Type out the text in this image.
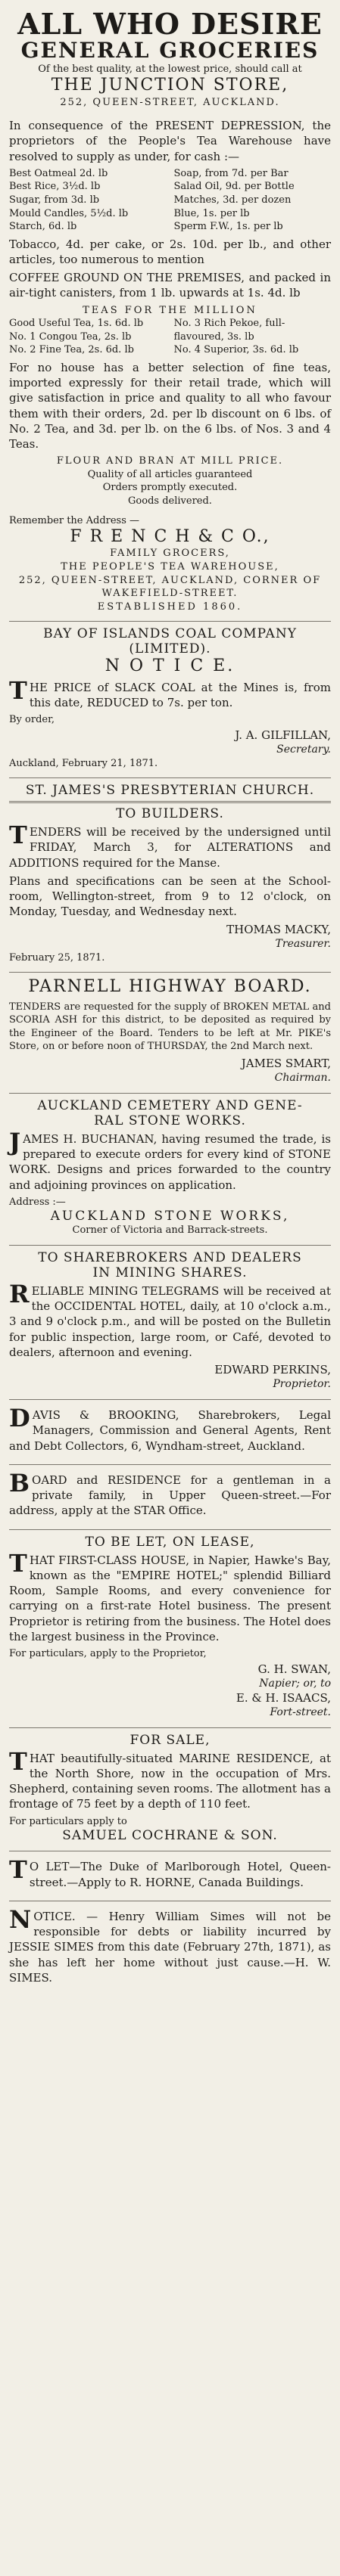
ALL WHO DESIRE
GENERAL GROCERIES
Of the best quality, at the lowest price, should call at
THE JUNCTION STORE,
252, QUEEN-STREET, AUCKLAND.
In consequence of the PRESENT DEPRESSION, the proprietors of the People's Tea Warehouse have resolved to supply as under, for cash :—
Best Oatmeal 2d. lb
Best Rice, 3½d. lb
Sugar, from 3d. lb
Mould Candles, 5½d. lb
Starch, 6d. lb
Soap, from 7d. per Bar
Salad Oil, 9d. per Bottle
Matches, 3d. per dozen
Blue, 1s. per lb
Sperm F.W., 1s. per lb
Tobacco, 4d. per cake, or 2s. 10d. per lb., and other articles, too numerous to mention
COFFEE GROUND ON THE PREMISES, and packed in air-tight canisters, from 1 lb. upwards at 1s. 4d. lb
TEAS FOR THE MILLION
Good Useful Tea, 1s. 6d. lb
No. 1 Congou Tea, 2s. lb
No. 2 Fine Tea, 2s. 6d. lb
No. 3 Rich Pekoe, full-flavoured, 3s. lb
No. 4 Superior, 3s. 6d. lb
For no house has a better selection of fine teas, imported expressly for their retail trade, which will give satisfaction in price and quality to all who favour them with their orders, 2d. per lb discount on 6 lbs. of No. 2 Tea, and 3d. per lb. on the 6 lbs. of Nos. 3 and 4 Teas.
FLOUR AND BRAN AT MILL PRICE.
Quality of all articles guaranteed
Orders promptly executed.
Goods delivered.
Remember the Address —
F R E N C H & C O.,
FAMILY GROCERS,
THE PEOPLE'S TEA WAREHOUSE,
252, QUEEN-STREET, AUCKLAND, CORNER OF
WAKEFIELD-STREET.
ESTABLISHED 1860.
BAY OF ISLANDS COAL COMPANY
(LIMITED).
N O T I C E.
THE PRICE of SLACK COAL at the Mines is, from this date, REDUCED to 7s. per ton.
By order,
J. A. GILFILLAN,
Secretary.
Auckland, February 21, 1871.
ST. JAMES'S PRESBYTERIAN CHURCH.
TO BUILDERS.
TENDERS will be received by the undersigned until FRIDAY, March 3, for ALTERATIONS and ADDITIONS required for the Manse.
Plans and specifications can be seen at the School-room, Wellington-street, from 9 to 12 o'clock, on Monday, Tuesday, and Wednesday next.
THOMAS MACKY,
Treasurer.
February 25, 1871.
PARNELL HIGHWAY BOARD.
TENDERS are requested for the supply of BROKEN METAL and SCORIA ASH for this district, to be deposited as required by the Engineer of the Board. Tenders to be left at Mr. PIKE's Store, on or before noon of THURSDAY, the 2nd March next.
JAMES SMART,
Chairman.
AUCKLAND CEMETERY AND GENE-
RAL STONE WORKS.
JAMES H. BUCHANAN, having resumed the trade, is prepared to execute orders for every kind of STONE WORK. Designs and prices forwarded to the country and adjoining provinces on application.
Address :—
AUCKLAND STONE WORKS,
Corner of Victoria and Barrack-streets.
TO SHAREBROKERS AND DEALERS
IN MINING SHARES.
RELIABLE MINING TELEGRAMS will be received at the OCCIDENTAL HOTEL, daily, at 10 o'clock a.m., 3 and 9 o'clock p.m., and will be posted on the Bulletin for public inspection, large room, or Café, devoted to dealers, afternoon and evening.
EDWARD PERKINS,
Proprietor.
DAVIS & BROOKING, Sharebrokers, Legal Managers, Commission and General Agents, Rent and Debt Collectors, 6, Wyndham-street, Auckland.
BOARD and RESIDENCE for a gentleman in a private family, in Upper Queen-street.—For address, apply at the STAR Office.
TO BE LET, ON LEASE,
THAT FIRST-CLASS HOUSE, in Napier, Hawke's Bay, known as the "EMPIRE HOTEL;" splendid Billiard Room, Sample Rooms, and every convenience for carrying on a first-rate Hotel business. The present Proprietor is retiring from the business. The Hotel does the largest business in the Province.
For particulars, apply to the Proprietor,
G. H. SWAN,
Napier; or, to
E. & H. ISAACS,
Fort-street.
FOR SALE,
THAT beautifully-situated MARINE RESIDENCE, at the North Shore, now in the occupation of Mrs. Shepherd, containing seven rooms. The allotment has a frontage of 75 feet by a depth of 110 feet.
For particulars apply to
SAMUEL COCHRANE & SON.
TO LET—The Duke of Marlborough Hotel, Queen-street.—Apply to R. HORNE, Canada Buildings.
NOTICE. — Henry William Simes will not be responsible for debts or liability incurred by JESSIE SIMES from this date (February 27th, 1871), as she has left her home without just cause.—H. W. SIMES.
